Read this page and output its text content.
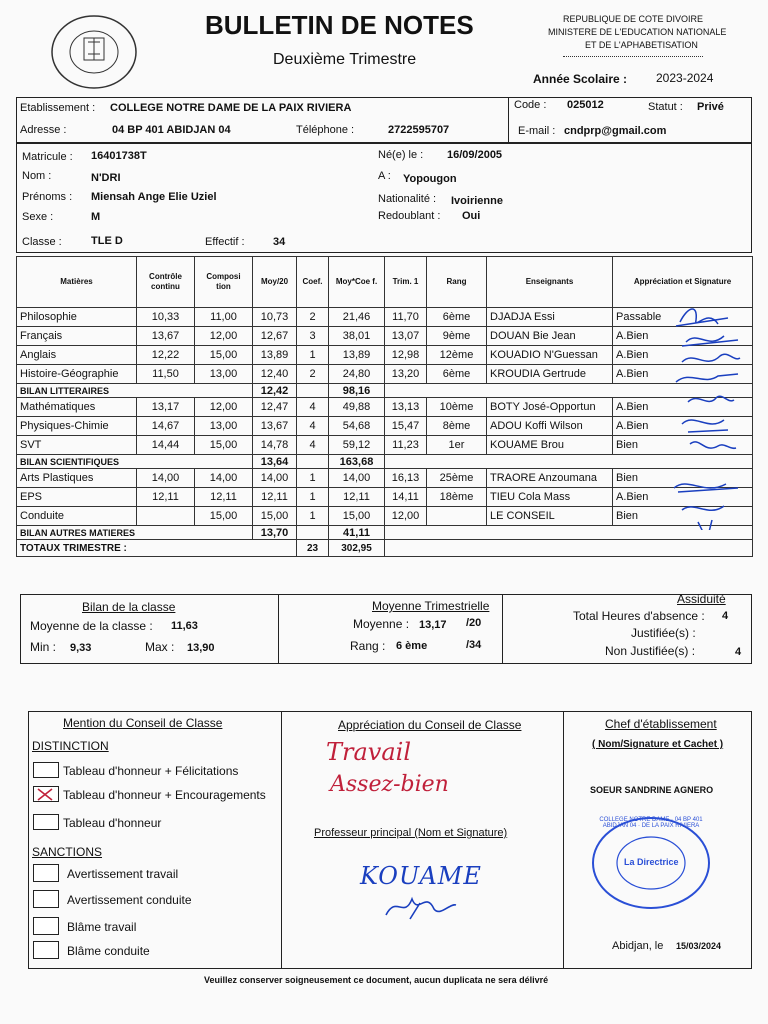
BULLETIN DE NOTES
Deuxième Trimestre
REPUBLIQUE DE COTE DIVOIRE
MINISTERE DE L'EDUCATION NATIONALE
ET DE L'APHABETISATION
Année Scolaire : 2023-2024
Etablissement : COLLEGE NOTRE DAME DE LA PAIX RIVIERA	Code : 025012	Statut : Privé
Adresse :	04 BP 401 ABIDJAN 04	Téléphone :	2722595707	E-mail : cndprp@gmail.com
Matricule : 16401738T
Nom :	N'DRI
Prénoms : Miensah Ange Elie Uziel
Sexe :	M
Classe :	TLE D	Effectif :	34
Né(e) le : 16/09/2005
A : Yopougon
Nationalité : Ivoirienne
Redoublant : Oui
Matières	Contrôle continu	Composi tion	Moy/20	Coef.	Moy*Coe f.	Trim. 1	Rang	Enseignants	Appréciation et Signature
Philosophie	10,33	11,00	10,73	2	21,46	11,70	6ème	DJADJA Essi	Passable
Français	13,67	12,00	12,67	3	38,01	13,07	9ème	DOUAN Bie Jean	A.Bien
Anglais	12,22	15,00	13,89	1	13,89	12,98	12ème	KOUADIO N'Guessan	A.Bien
Histoire-Géographie	11,50	13,00	12,40	2	24,80	13,20	6ème	KROUDIA Gertrude	A.Bien
BILAN LITTERAIRES			12,42		98,16				
Mathématiques	13,17	12,00	12,47	4	49,88	13,13	10ème	BOTY José-Opportun	A.Bien
Physiques-Chimie	14,67	13,00	13,67	4	54,68	15,47	8ème	ADOU Koffi Wilson	A.Bien
SVT	14,44	15,00	14,78	4	59,12	11,23	1er	KOUAME Brou	Bien
BILAN SCIENTIFIQUES			13,64		163,68				
Arts Plastiques	14,00	14,00	14,00	1	14,00	16,13	25ème	TRAORE Anzoumana	Bien
EPS	12,11	12,11	12,11	1	12,11	14,11	18ème	TIEU Cola Mass	A.Bien
Conduite		15,00	15,00	1	15,00	12,00		LE CONSEIL	Bien
BILAN AUTRES MATIERES			13,70		41,11				
TOTAUX TRIMESTRE :				23	302,95				
Bilan de la classe
Moyenne de la classe : 11,63
Min : 9,33	Max : 13,90
Moyenne Trimestrielle
Moyenne : 13,17 /20
Rang : 6 ème	/34
Assiduité
Total Heures d'absence : 4
Justifiée(s) :
Non Justifiée(s) :	4
Mention du Conseil de Classe
DISTINCTION
Tableau d'honneur + Félicitations
Tableau d'honneur + Encouragements
Tableau d'honneur
SANCTIONS
Avertissement travail
Avertissement conduite
Blâme travail
Blâme conduite
Appréciation du Conseil de Classe
Travail
Assez-bien
Professeur principal (Nom et Signature)
KOUAME
Chef d'établissement
( Nom/Signature et Cachet )
SOEUR SANDRINE AGNERO
La Directrice
COLLEGE NOTRE DAME · 04 BP 401 ABIDJAN 04 · DE LA PAIX RIVIERA
Abidjan, le 15/03/2024
Veuillez conserver soigneusement ce document, aucun duplicata ne sera délivré
